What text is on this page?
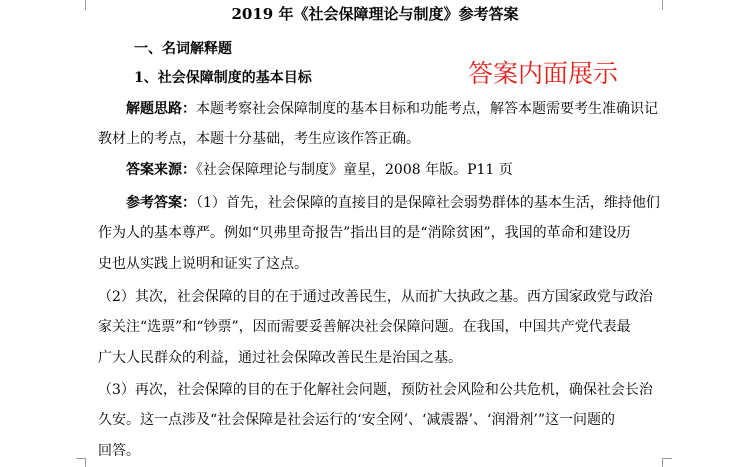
2019 年《社会保障理论与制度》参考答案
答案内面展示
一、名词解释题
1、社会保障制度的基本目标
解题思路：本题考察社会保障制度的基本目标和功能考点，解答本题需要考生准确识记
教材上的考点，本题十分基础，考生应该作答正确。
答案来源：《社会保障理论与制度》童星，2008 年版。P11 页
参考答案：（1）首先，社会保障的直接目的是保障社会弱势群体的基本生活，维持他们
作为人的基本尊严。例如“贝弗里奇报告”指出目的是“消除贫困”，我国的革命和建设历
史也从实践上说明和证实了这点。
（2）其次，社会保障的目的在于通过改善民生，从而扩大执政之基。西方国家政党与政治
家关注“选票”和“钞票”，因而需要妥善解决社会保障问题。在我国，中国共产党代表最
广大人民群众的利益，通过社会保障改善民生是治国之基。
（3）再次，社会保障的目的在于化解社会问题，预防社会风险和公共危机，确保社会长治
久安。这一点涉及“社会保障是社会运行的‘安全网’、‘减震器’、‘润滑剂’”这一问题的
回答。
